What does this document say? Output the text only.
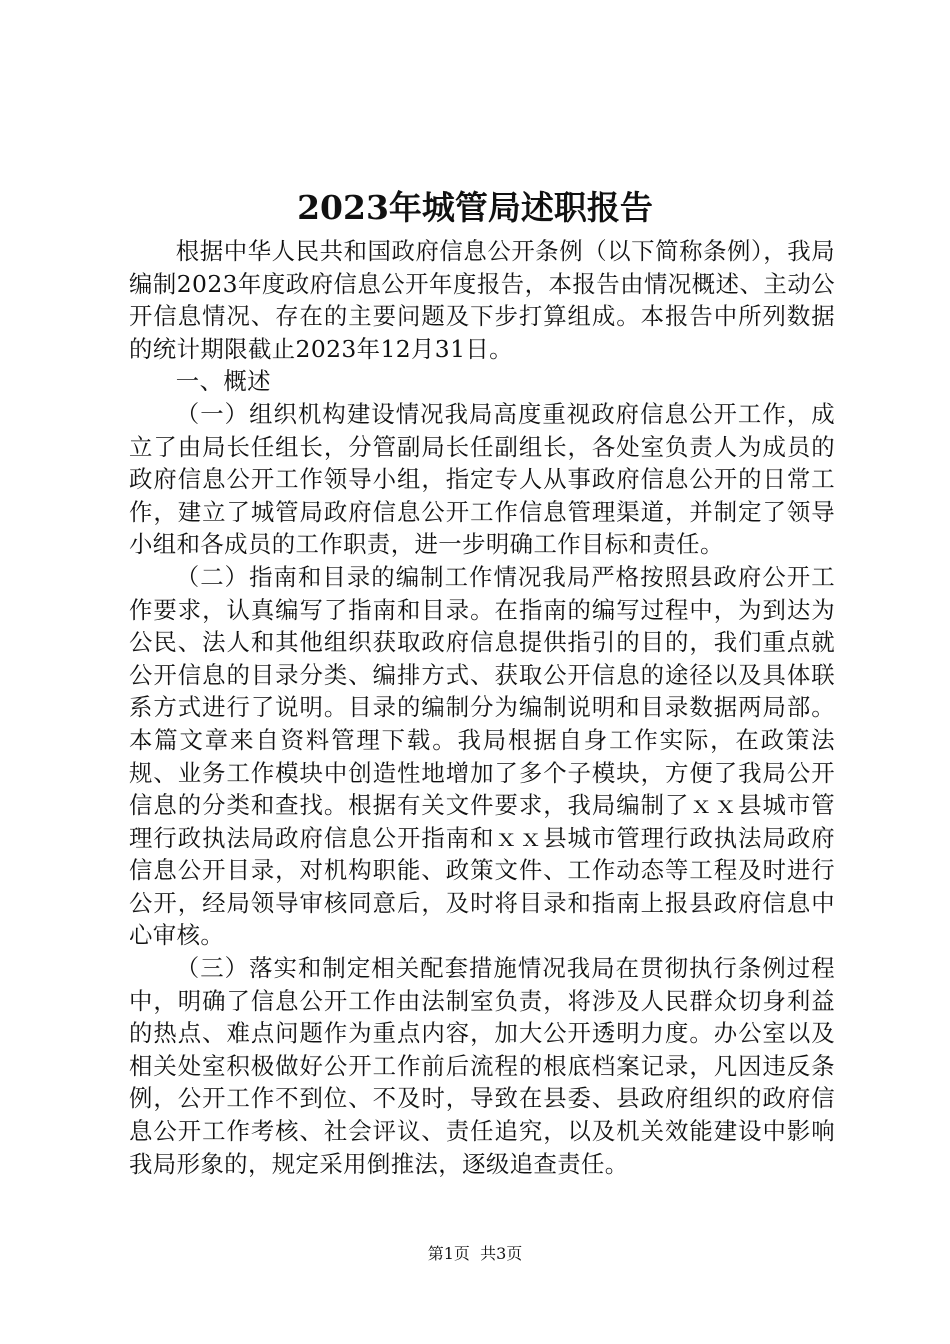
2023年城管局述职报告

根据中华人民共和国政府信息公开条例（以下简称条例），我局编制2023年度政府信息公开年度报告，本报告由情况概述、主动公开信息情况、存在的主要问题及下步打算组成。本报告中所列数据的统计期限截止2023年12月31日。

一、概述

（一）组织机构建设情况我局高度重视政府信息公开工作，成立了由局长任组长，分管副局长任副组长，各处室负责人为成员的政府信息公开工作领导小组，指定专人从事政府信息公开的日常工作，建立了城管局政府信息公开工作信息管理渠道，并制定了领导小组和各成员的工作职责，进一步明确工作目标和责任。

（二）指南和目录的编制工作情况我局严格按照县政府公开工作要求，认真编写了指南和目录。在指南的编写过程中，为到达为公民、法人和其他组织获取政府信息提供指引的目的，我们重点就公开信息的目录分类、编排方式、获取公开信息的途径以及具体联系方式进行了说明。目录的编制分为编制说明和目录数据两局部。本篇文章来自资料管理下载。我局根据自身工作实际，在政策法规、业务工作模块中创造性地增加了多个子模块，方便了我局公开信息的分类和查找。根据有关文件要求，我局编制了ｘｘ县城市管理行政执法局政府信息公开指南和ｘｘ县城市管理行政执法局政府信息公开目录，对机构职能、政策文件、工作动态等工程及时进行公开，经局领导审核同意后，及时将目录和指南上报县政府信息中心审核。

（三）落实和制定相关配套措施情况我局在贯彻执行条例过程中，明确了信息公开工作由法制室负责，将涉及人民群众切身利益的热点、难点问题作为重点内容，加大公开透明力度。办公室以及相关处室积极做好公开工作前后流程的根底档案记录，凡因违反条例，公开工作不到位、不及时，导致在县委、县政府组织的政府信息公开工作考核、社会评议、责任追究，以及机关效能建设中影响我局形象的，规定采用倒推法，逐级追查责任。

第1页  共3页
